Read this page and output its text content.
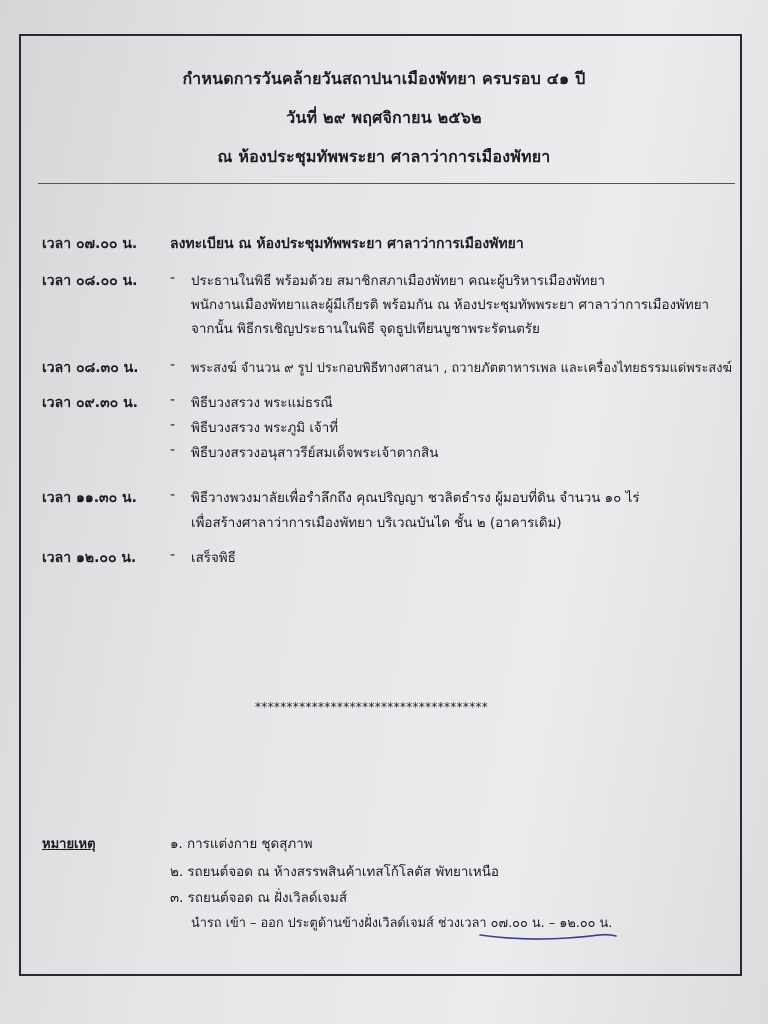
กำหนดการวันคล้ายวันสถาปนาเมืองพัทยา ครบรอบ ๔๑ ปี
วันที่ ๒๙ พฤศจิกายน ๒๕๖๒
ณ ห้องประชุมทัพพระยา ศาลาว่าการเมืองพัทยา
เวลา ๐๗.๐๐ น. ลงทะเบียน ณ ห้องประชุมทัพพระยา ศาลาว่าการเมืองพัทยา
เวลา ๐๘.๐๐ น. - ประธานในพิธี พร้อมด้วย สมาชิกสภาเมืองพัทยา คณะผู้บริหารเมืองพัทยา
พนักงานเมืองพัทยาและผู้มีเกียรติ พร้อมกัน ณ ห้องประชุมทัพพระยา ศาลาว่าการเมืองพัทยา
จากนั้น พิธีกรเชิญประธานในพิธี จุดธูปเทียนบูชาพระรัตนตรัย
เวลา ๐๘.๓๐ น. - พระสงฆ์ จำนวน ๙ รูป ประกอบพิธีทางศาสนา , ถวายภัตตาหารเพล และเครื่องไทยธรรมแด่พระสงฆ์
เวลา ๐๙.๓๐ น. - พิธีบวงสรวง พระแม่ธรณี
- พิธีบวงสรวง พระภูมิ เจ้าที่
- พิธีบวงสรวงอนุสาวรีย์สมเด็จพระเจ้าตากสิน
เวลา ๑๑.๓๐ น. - พิธีวางพวงมาลัยเพื่อรำลึกถึง คุณปริญญา ชวลิตธำรง ผู้มอบที่ดิน จำนวน ๑๐ ไร่
เพื่อสร้างศาลาว่าการเมืองพัทยา บริเวณบันได ชั้น ๒ (อาคารเดิม)
เวลา ๑๒.๐๐ น. - เสร็จพิธี
*************************************
หมายเหตุ	๑. การแต่งกาย ชุดสุภาพ
๒. รถยนต์จอด ณ ห้างสรรพสินค้าเทสโก้โลตัส พัทยาเหนือ
๓. รถยนต์จอด ณ ฝั่งเวิลด์เจมส์
นำรถ เข้า – ออก ประตูด้านข้างฝั่งเวิลด์เจมส์ ช่วงเวลา ๐๗.๐๐ น. – ๑๒.๐๐ น.
